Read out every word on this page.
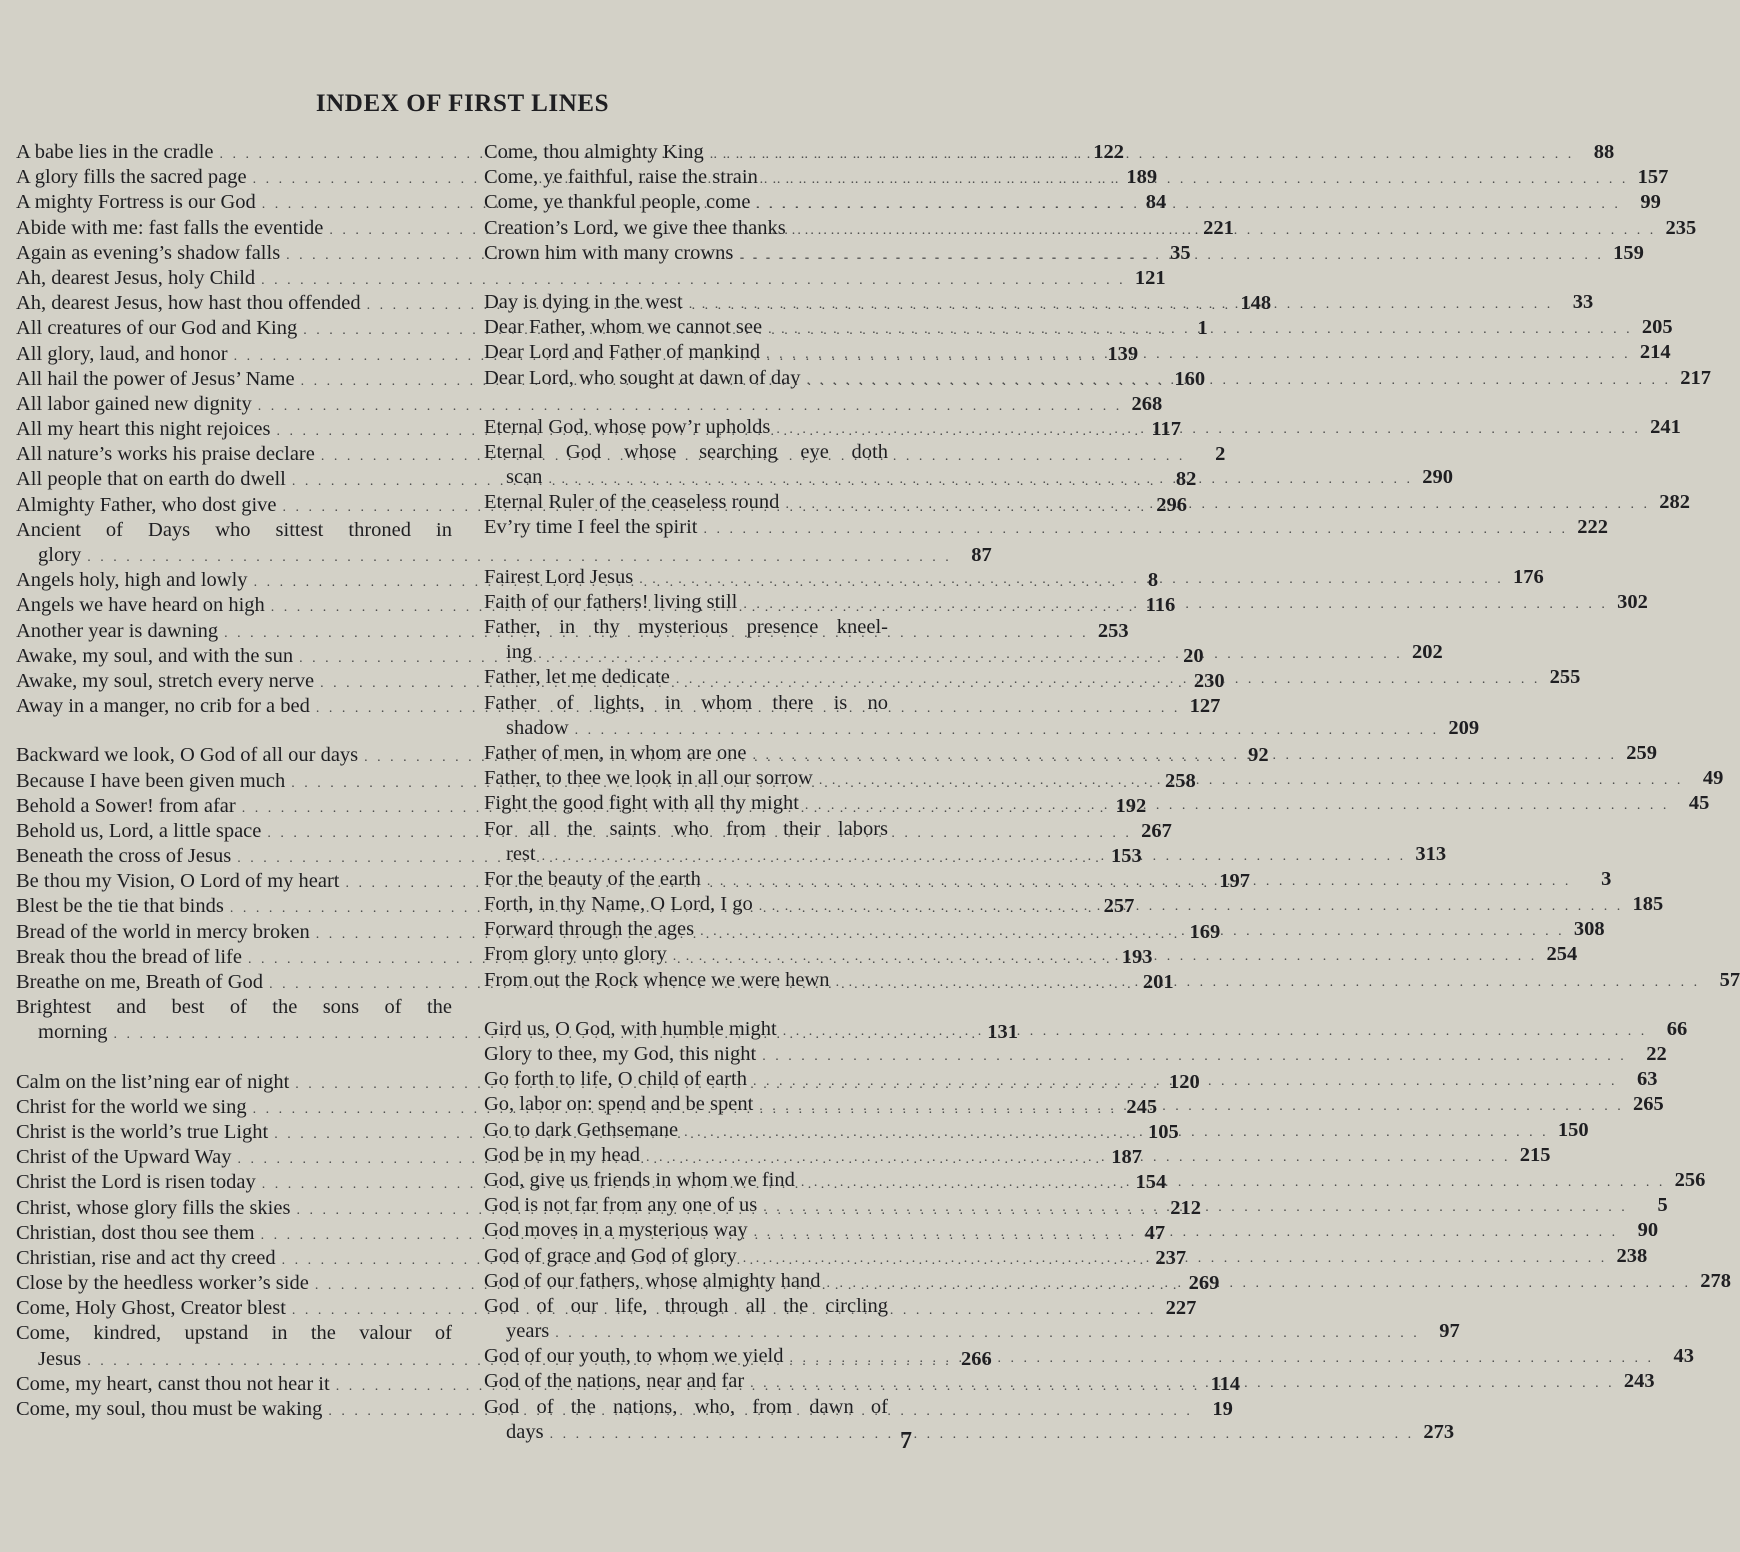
INDEX OF FIRST LINES
A babe lies in the cradle . . .	122
A glory fills the sacred page . . .	189
A mighty Fortress is our God . . .	84
Abide with me: fast falls the eventide . . .	221
Again as evening’s shadow falls . . .	35
Ah, dearest Jesus, holy Child . . .	121
Ah, dearest Jesus, how hast thou offended . . .	148
All creatures of our God and King . . .	1
All glory, laud, and honor . . .	139
All hail the power of Jesus’ Name . . .	160
All labor gained new dignity . . .	268
All my heart this night rejoices . . .	117
All nature’s works his praise declare . . .	2
All people that on earth do dwell . . .	82
Almighty Father, who dost give . . .	296
Ancient of Days who sittest throned in
glory . . .	87
Angels holy, high and lowly . . .	8
Angels we have heard on high . . .	116
Another year is dawning . . .	253
Awake, my soul, and with the sun . . .	20
Awake, my soul, stretch every nerve . . .	230
Away in a manger, no crib for a bed . . .	127
Backward we look, O God of all our days . . .	92
Because I have been given much . . .	258
Behold a Sower! from afar . . .	192
Behold us, Lord, a little space . . .	267
Beneath the cross of Jesus . . .	153
Be thou my Vision, O Lord of my heart . . .	197
Blest be the tie that binds . . .	257
Bread of the world in mercy broken . . .	169
Break thou the bread of life . . .	193
Breathe on me, Breath of God . . .	201
Brightest and best of the sons of the
morning . . .	131
Calm on the list’ning ear of night . . .	120
Christ for the world we sing . . .	245
Christ is the world’s true Light . . .	105
Christ of the Upward Way . . .	187
Christ the Lord is risen today . . .	154
Christ, whose glory fills the skies . . .	212
Christian, dost thou see them . . .	47
Christian, rise and act thy creed . . .	237
Close by the heedless worker’s side . . .	269
Come, Holy Ghost, Creator blest . . .	227
Come, kindred, upstand in the valour of
Jesus . . .	266
Come, my heart, canst thou not hear it . . .	114
Come, my soul, thou must be waking . . .	19
Come, thou almighty King . . .	88
Come, ye faithful, raise the strain . . .	157
Come, ye thankful people, come . . .	99
Creation’s Lord, we give thee thanks . . .	235
Crown him with many crowns . . .	159
Day is dying in the west . . .	33
Dear Father, whom we cannot see . . .	205
Dear Lord and Father of mankind . . .	214
Dear Lord, who sought at dawn of day . . .	217
Eternal God, whose pow’r upholds . . .	241
Eternal God whose searching eye doth
scan . . .	290
Eternal Ruler of the ceaseless round . . .	282
Ev’ry time I feel the spirit . . .	222
Fairest Lord Jesus . . .	176
Faith of our fathers! living still . . .	302
Father, in thy mysterious presence kneel-
ing . . .	202
Father, let me dedicate . . .	255
Father of lights, in whom there is no
shadow . . .	209
Father of men, in whom are one . . .	259
Father, to thee we look in all our sorrow . . .	49
Fight the good fight with all thy might . . .	45
For all the saints who from their labors
rest . . .	313
For the beauty of the earth . . .	3
Forth, in thy Name, O Lord, I go . . .	185
Forward through the ages . . .	308
From glory unto glory . . .	254
From out the Rock whence we were hewn . . .	57
Gird us, O God, with humble might . . .	66
Glory to thee, my God, this night . . .	22
Go forth to life, O child of earth . . .	63
Go, labor on: spend and be spent . . .	265
Go to dark Gethsemane . . .	150
God be in my head . . .	215
God, give us friends in whom we find . . .	256
God is not far from any one of us . . .	5
God moves in a mysterious way . . .	90
God of grace and God of glory . . .	238
God of our fathers, whose almighty hand . . .	278
God of our life, through all the circling
years . . .	97
God of our youth, to whom we yield . . .	43
God of the nations, near and far . . .	243
God of the nations, who, from dawn of
days . . .	273
7
